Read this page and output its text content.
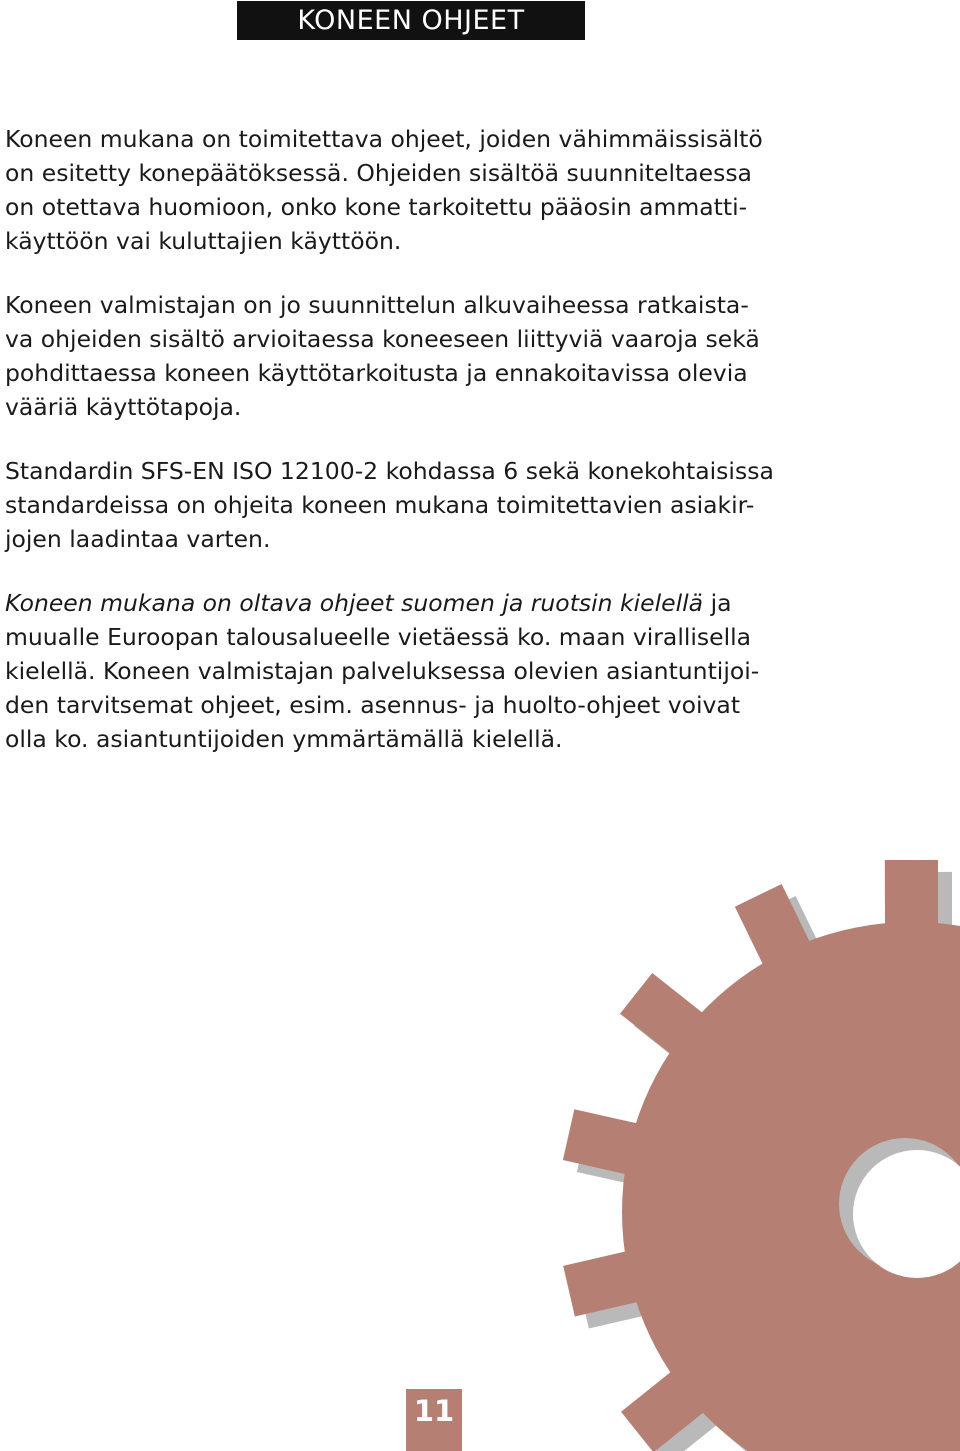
KONEEN OHJEET

Koneen mukana on toimitettava ohjeet, joiden vähimmäissisältö
on esitetty konepäätöksessä. Ohjeiden sisältöä suunniteltaessa
on otettava huomioon, onko kone tarkoitettu pääosin ammatti-
käyttöön vai kuluttajien käyttöön.

Koneen valmistajan on jo suunnittelun alkuvaiheessa ratkaista-
va ohjeiden sisältö arvioitaessa koneeseen liittyviä vaaroja sekä
pohdittaessa koneen käyttötarkoitusta ja ennakoitavissa olevia
vääriä käyttötapoja.

Standardin SFS-EN ISO 12100-2 kohdassa 6 sekä konekohtaisissa
standardeissa on ohjeita koneen mukana toimitettavien asiakir-
jojen laadintaa varten.

Koneen mukana on oltava ohjeet suomen ja ruotsin kielellä ja
muualle Euroopan talousalueelle vietäessä ko. maan virallisella
kielellä. Koneen valmistajan palveluksessa olevien asiantuntijoi-
den tarvitsemat ohjeet, esim. asennus- ja huolto-ohjeet voivat
olla ko. asiantuntijoiden ymmärtämällä kielellä.

11
